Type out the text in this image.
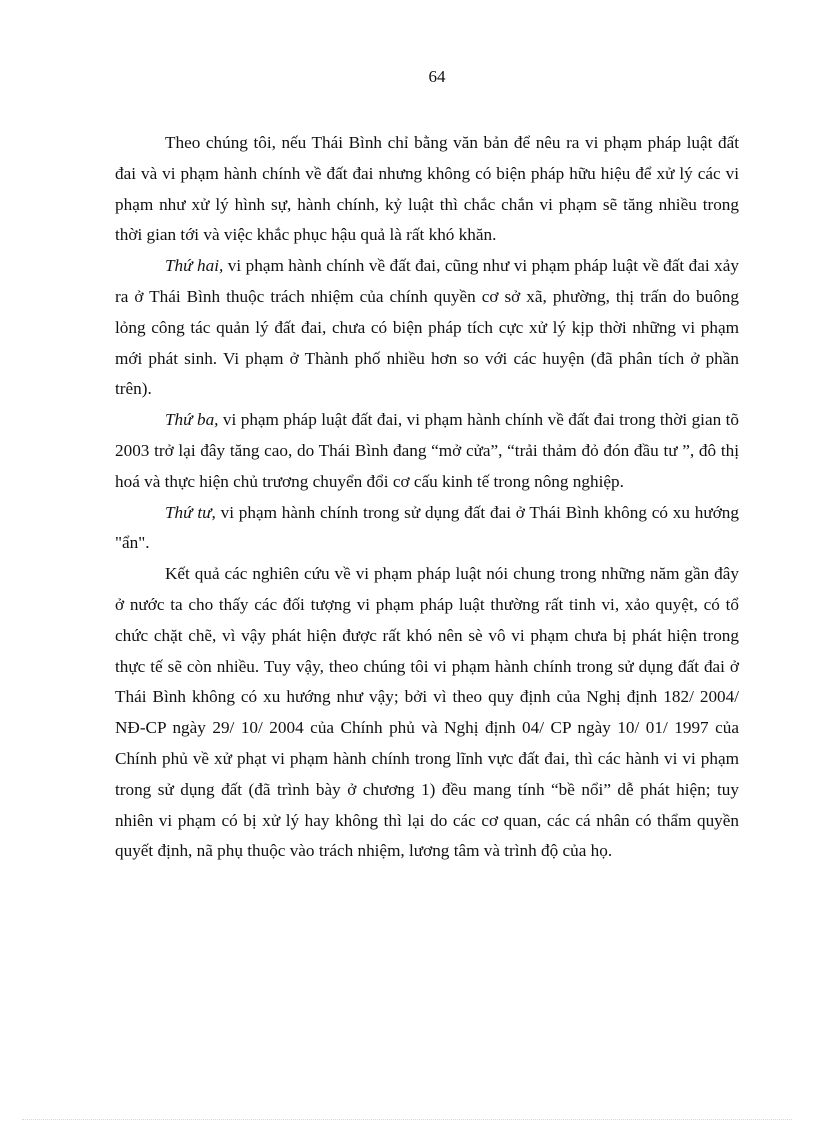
64

Theo chúng tôi, nếu Thái Bình chỉ bằng văn bản để nêu ra vi phạm pháp luật đất đai và vi phạm hành chính về đất đai nhưng không có biện pháp hữu hiệu để xử lý các vi phạm như xử lý hình sự, hành chính, kỷ luật thì chắc chắn vi phạm sẽ tăng nhiều trong thời gian tới và việc khắc phục hậu quả là rất khó khăn.

Thứ hai, vi phạm hành chính về đất đai, cũng như vi phạm pháp luật về đất đai xảy ra ở Thái Bình thuộc trách nhiệm của chính quyền cơ sở xã, phường, thị trấn do buông lỏng công tác quản lý đất đai, chưa có biện pháp tích cực xử lý kịp thời những vi phạm mới phát sinh. Vi phạm ở Thành phố nhiều hơn so với các huyện (đã phân tích ở phần trên).

Thứ ba, vi phạm pháp luật đất đai, vi phạm hành chính về đất đai trong thời gian tõ 2003 trở lại đây tăng cao, do Thái Bình đang “mở cửa”, “trải thảm đỏ đón đầu tư ”, đô thị hoá và thực hiện chủ trương chuyển đổi cơ cấu kinh tế trong nông nghiệp.

Thứ tư, vi phạm hành chính trong sử dụng đất đai ở Thái Bình không có xu hướng "ẩn".

Kết quả các nghiên cứu về vi phạm pháp luật nói chung trong những năm gần đây ở nước ta cho thấy các đối tượng vi phạm pháp luật thường rất tinh vi, xảo quyệt, có tổ chức chặt chẽ, vì vậy phát hiện được rất khó nên sè vô vi phạm chưa bị phát hiện trong thực tế sẽ còn nhiều. Tuy vậy, theo chúng tôi vi phạm hành chính trong sử dụng đất đai ở Thái Bình không có xu hướng như vậy; bởi vì theo quy định của Nghị định 182/ 2004/ NĐ-CP ngày 29/ 10/ 2004 của Chính phủ và Nghị định 04/ CP ngày 10/ 01/ 1997 của Chính phủ về xử phạt vi phạm hành chính trong lĩnh vực đất đai, thì các hành vi vi phạm trong sử dụng đất (đã trình bày ở chương 1) đều mang tính “bề nổi” dễ phát hiện; tuy nhiên vi phạm có bị xử lý hay không thì lại do các cơ quan, các cá nhân có thẩm quyền quyết định, nã phụ thuộc vào trách nhiệm, lương tâm và trình độ của họ.
